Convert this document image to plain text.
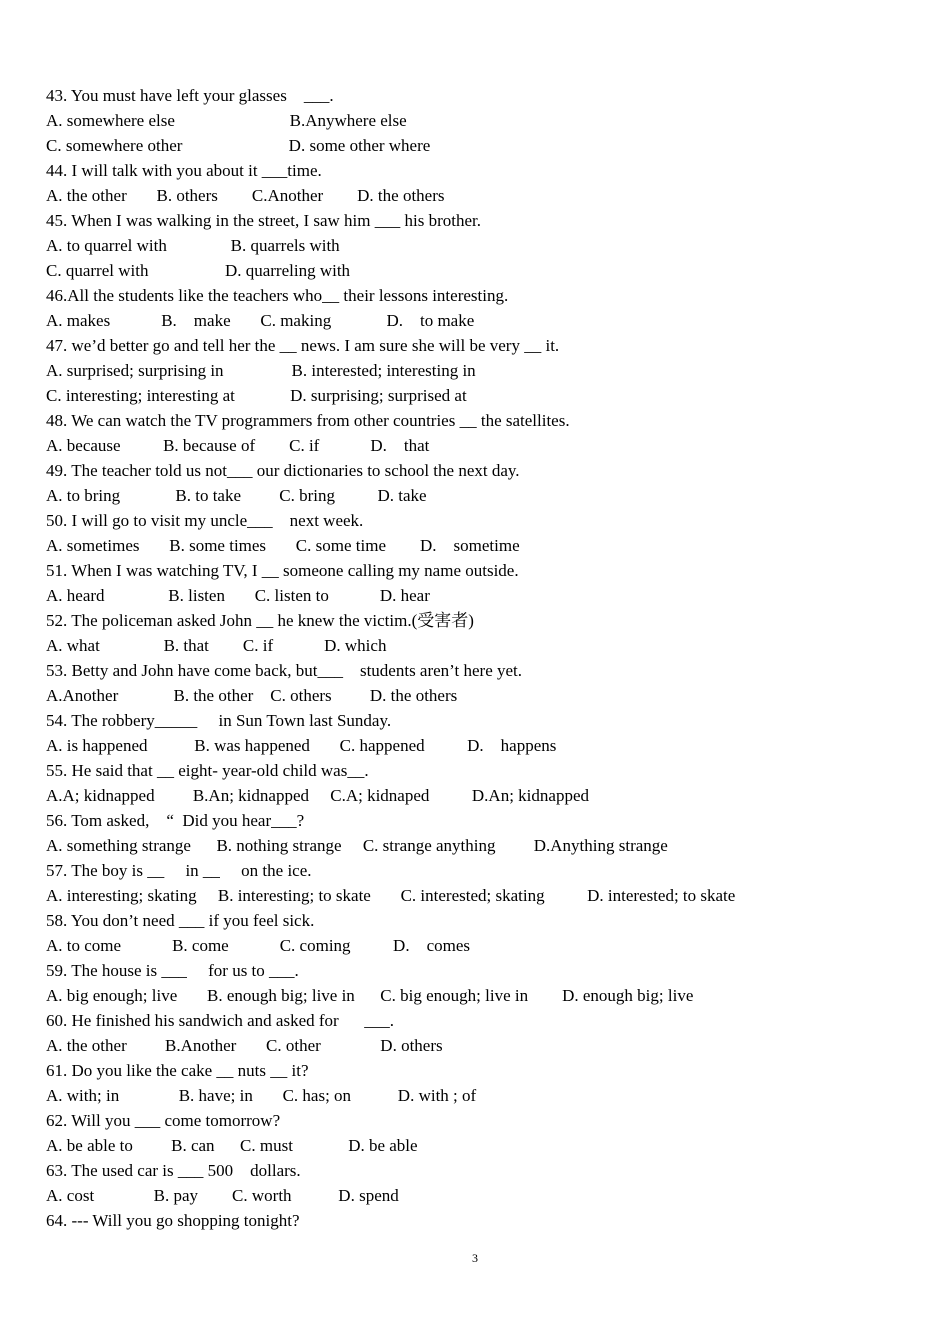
43. You must have left your glasses    ___.
A. somewhere else                           B.Anywhere else
C. somewhere other                         D. some other where
44. I will talk with you about it ___time.
A. the other       B. others        C.Another        D. the others
45. When I was walking in the street, I saw him ___ his brother.
A. to quarrel with               B. quarrels with
C. quarrel with                  D. quarreling with
46.All the students like the teachers who__ their lessons interesting.
A. makes            B.    make       C. making             D.    to make
47. we’d better go and tell her the __ news. I am sure she will be very __ it.
A. surprised; surprising in                B. interested; interesting in
C. interesting; interesting at             D. surprising; surprised at
48. We can watch the TV programmers from other countries __ the satellites.
A. because          B. because of        C. if            D.    that
49. The teacher told us not___ our dictionaries to school the next day.
A. to bring             B. to take         C. bring          D. take
50. I will go to visit my uncle___    next week.
A. sometimes       B. some times       C. some time        D.    sometime
51. When I was watching TV, I __ someone calling my name outside.
A. heard               B. listen       C. listen to            D. hear
52. The policeman asked John __ he knew the victim.(受害者)
A. what               B. that        C. if            D. which
53. Betty and John have come back, but___    students aren’t here yet.
A.Another             B. the other    C. others         D. the others
54. The robbery_____     in Sun Town last Sunday.
A. is happened           B. was happened       C. happened          D.    happens
55. He said that __ eight- year-old child was__.
A.A; kidnapped         B.An; kidnapped     C.A; kidnaped          D.An; kidnapped
56. Tom asked,    “  Did you hear___?
A. something strange      B. nothing strange     C. strange anything         D.Anything strange
57. The boy is __     in __     on the ice.
A. interesting; skating     B. interesting; to skate       C. interested; skating          D. interested; to skate
58. You don’t need ___ if you feel sick.
A. to come            B. come            C. coming          D.    comes
59. The house is ___     for us to ___.
A. big enough; live       B. enough big; live in      C. big enough; live in        D. enough big; live
60. He finished his sandwich and asked for      ___.
A. the other         B.Another       C. other              D. others
61. Do you like the cake __ nuts __ it?
A. with; in              B. have; in       C. has; on           D. with ; of
62. Will you ___ come tomorrow?
A. be able to         B. can      C. must             D. be able
63. The used car is ___ 500    dollars.
A. cost              B. pay        C. worth           D. spend
64. --- Will you go shopping tonight?
3
